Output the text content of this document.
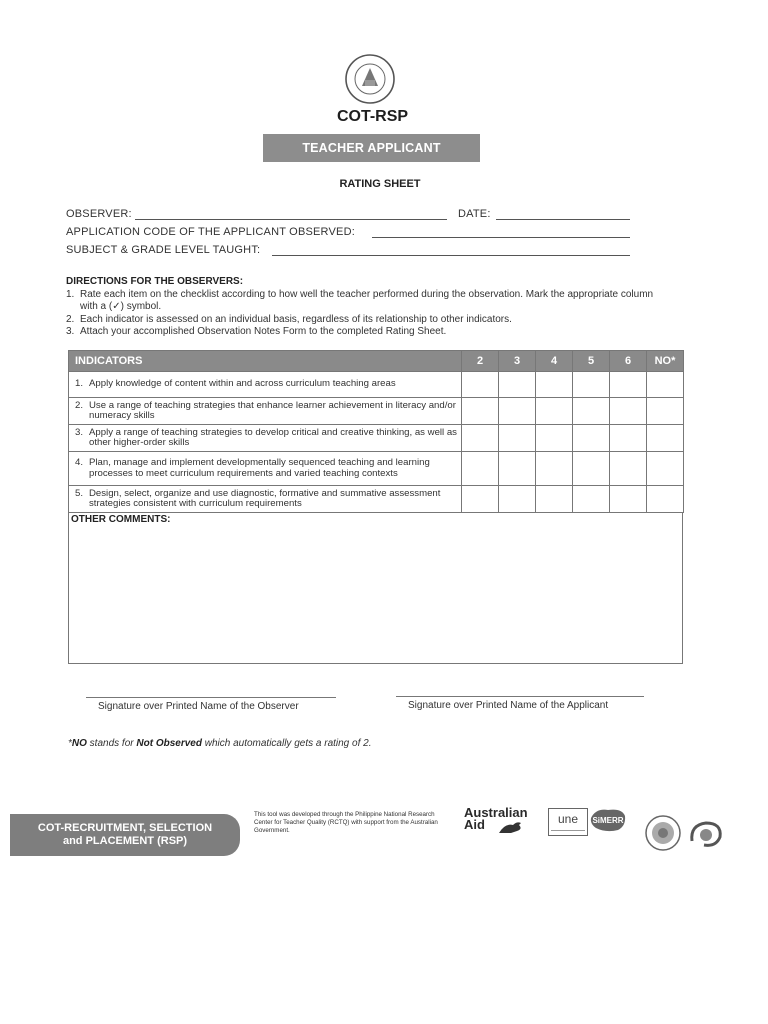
COT-RSP
TEACHER APPLICANT
RATING SHEET
OBSERVER:	DATE:
APPLICATION CODE OF THE APPLICANT OBSERVED:
SUBJECT & GRADE LEVEL TAUGHT:
DIRECTIONS FOR THE OBSERVERS:
1. Rate each item on the checklist according to how well the teacher performed during the observation. Mark the appropriate column with a (✓) symbol.
2. Each indicator is assessed on an individual basis, regardless of its relationship to other indicators.
3. Attach your accomplished Observation Notes Form to the completed Rating Sheet.
INDICATORS	2	3	4	5	6	NO*

1. Apply knowledge of content within and across curriculum teaching areas						

2. Use a range of teaching strategies that enhance learner achievement in literacy and/or numeracy skills						

3. Apply a range of teaching strategies to develop critical and creative thinking, as well as other higher-order skills						

4. Plan, manage and implement developmentally sequenced teaching and learning processes to meet curriculum requirements and varied teaching contexts						

5. Design, select, organize and use diagnostic, formative and summative assessment strategies consistent with curriculum requirements						
OTHER COMMENTS:
Signature over Printed Name of the Observer	Signature over Printed Name of the Applicant
*NO stands for Not Observed which automatically gets a rating of 2.
COT-RECRUITMENT, SELECTION
and PLACEMENT (RSP)
This tool was developed through the Philippine National Research Center for Teacher Quality (RCTQ) with support from the Australian Government.
Australian
Aid	une	SiMERR
